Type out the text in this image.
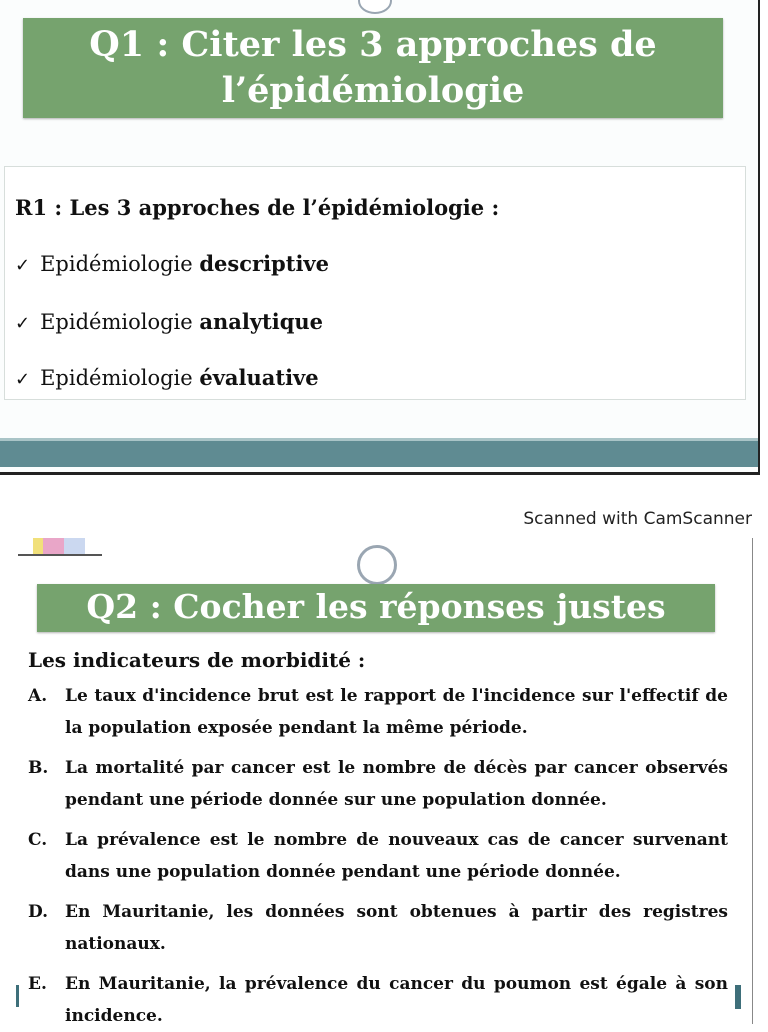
Q1 : Citer les 3 approches de l’épidémiologie
R1 : Les 3 approches de l’épidémiologie :
✓ Epidémiologie descriptive
✓ Epidémiologie analytique
✓ Epidémiologie évaluative
Scanned with CamScanner
Q2 : Cocher les réponses justes
Les indicateurs de morbidité :
A.	Le taux d'incidence brut est le rapport de l'incidence sur l'effectif de la population exposée pendant la même période.
B. La mortalité par cancer est le nombre de décès par cancer observés pendant une période donnée sur une population donnée.
C.	La prévalence est le nombre de nouveaux cas de cancer survenant dans une population donnée pendant une période donnée.
D. En Mauritanie, les données sont obtenues à partir des registres nationaux.
E.	En Mauritanie, la prévalence du cancer du poumon est égale à son incidence.
